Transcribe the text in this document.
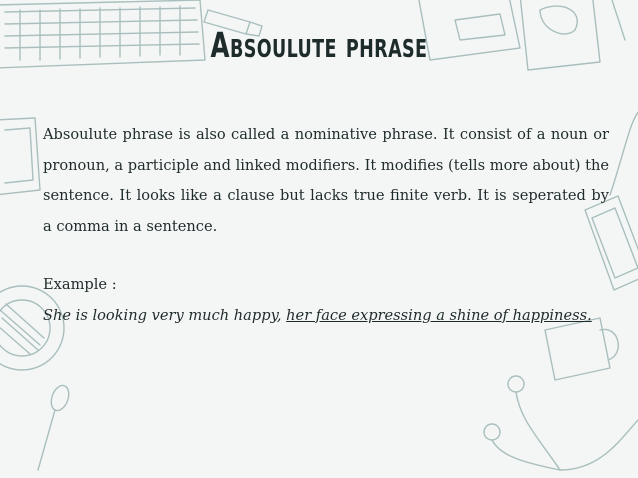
Absoulute phrase

Absoulute phrase is also called a nominative phrase. It consist of a noun or pronoun, a participle and linked modifiers. It modifies (tells more about) the sentence. It looks like a clause but lacks true finite verb. It is seperated by a comma in a sentence.

Example :

She is looking very much happy, her face expressing a shine of happiness.
